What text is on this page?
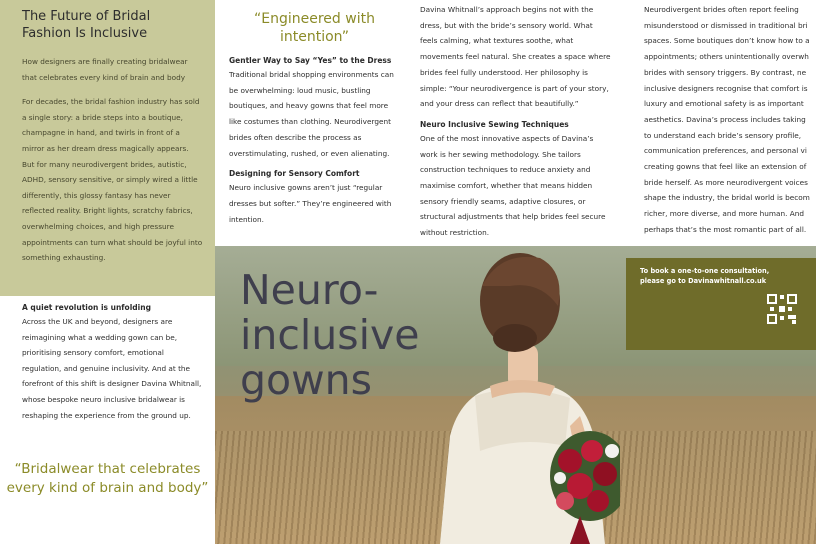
The Future of Bridal Fashion Is Inclusive

How designers are finally creating bridalwear that celebrates every kind of brain and body

For decades, the bridal fashion industry has sold a single story: a bride steps into a boutique, champagne in hand, and twirls in front of a mirror as her dream dress magically appears. But for many neurodivergent brides, autistic, ADHD, sensory sensitive, or simply wired a little differently, this glossy fantasy has never reflected reality. Bright lights, scratchy fabrics, overwhelming choices, and high pressure appointments can turn what should be joyful into something exhausting.

A quiet revolution is unfolding

Across the UK and beyond, designers are reimagining what a wedding gown can be, prioritising sensory comfort, emotional regulation, and genuine inclusivity. And at the forefront of this shift is designer Davina Whitnall, whose bespoke neuro inclusive bridalwear is reshaping the experience from the ground up.

“Bridalwear that celebrates every kind of brain and body”
“Engineered with intention”
Gentler Way to Say “Yes” to the Dress

Traditional bridal shopping environments can be overwhelming: loud music, bustling boutiques, and heavy gowns that feel more like costumes than clothing. Neurodivergent brides often describe the process as overstimulating, rushed, or even alienating.

Designing for Sensory Comfort

Neuro inclusive gowns aren’t just “regular dresses but softer.” They’re engineered with intention.

Davina Whitnall’s approach begins not with the dress, but with the bride’s sensory world. What feels calming, what textures soothe, what movements feel natural. She creates a space where brides feel fully understood. Her philosophy is simple: “Your neurodivergence is part of your story, and your dress can reflect that beautifully.”

Neuro Inclusive Sewing Techniques

One of the most innovative aspects of Davina’s work is her sewing methodology. She tailors construction techniques to reduce anxiety and maximise comfort, whether that means hidden sensory friendly seams, adaptive closures, or structural adjustments that help brides feel secure without restriction.

Neurodivergent brides often report feeling

misunderstood or dismissed in traditional bri

spaces. Some boutiques don’t know how to a

appointments; others unintentionally overwh

brides with sensory triggers. By contrast, ne

inclusive designers recognise that comfort is

luxury and emotional safety is as important

aesthetics. Davina’s process includes taking

to understand each bride’s sensory profile,

communication preferences, and personal vi

creating gowns that feel like an extension of

bride herself. As more neurodivergent voices

shape the industry, the bridal world is becom

richer, more diverse, and more human. And

perhaps that’s the most romantic part of all.

Neuro-
inclusive
gowns

To book a one-to-one consultation, please go to Davinawhitnall.co.uk
